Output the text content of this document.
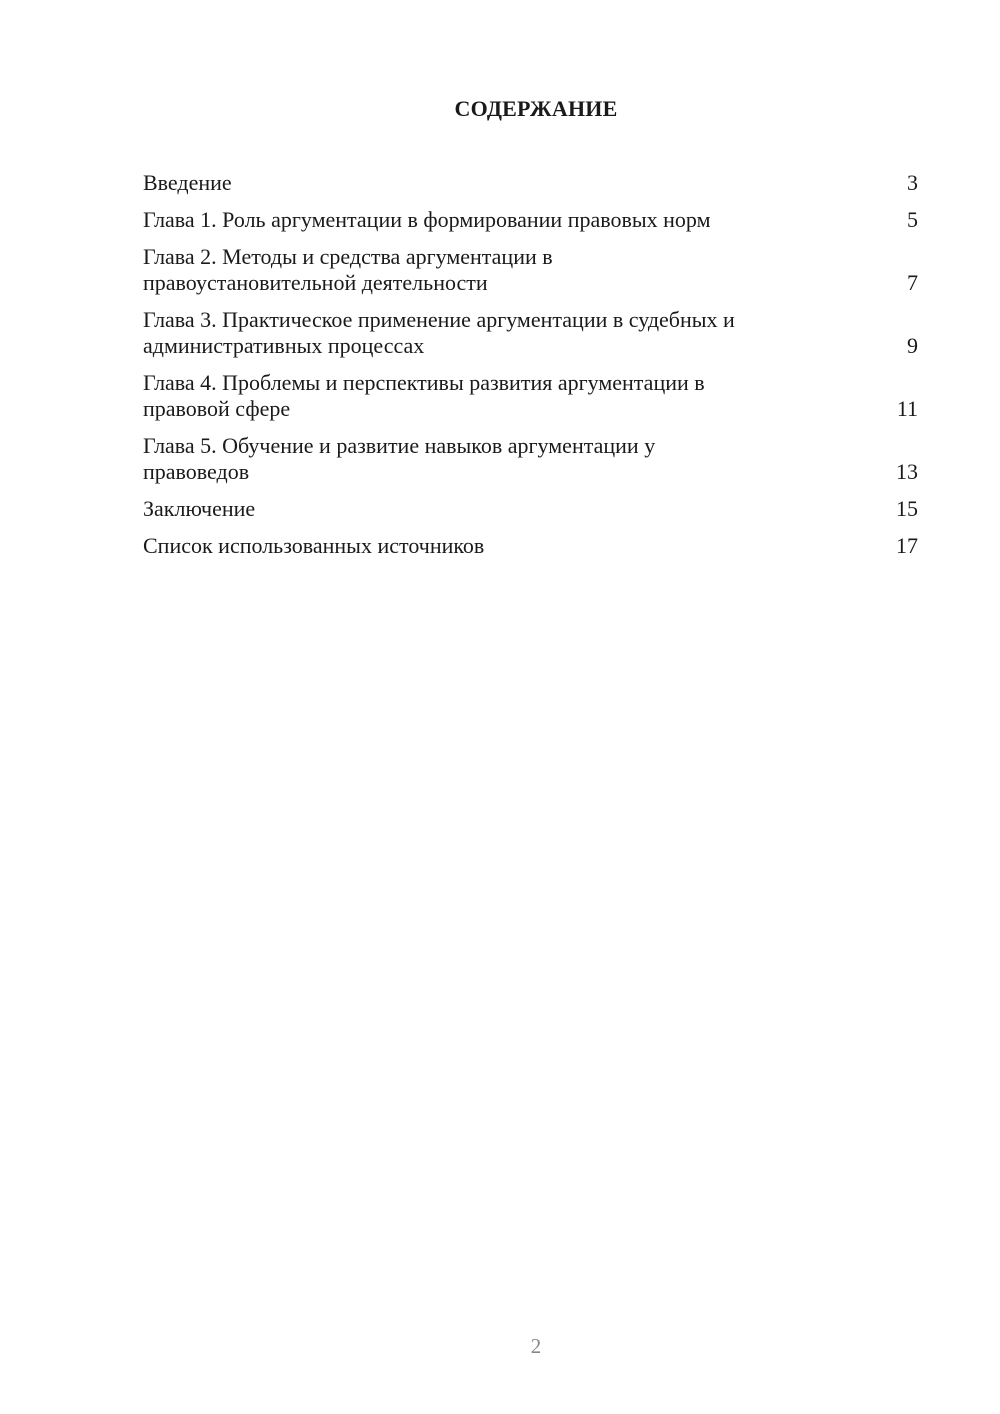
СОДЕРЖАНИЕ
Введение	3
Глава 1. Роль аргументации в формировании правовых норм	5
Глава 2. Методы и средства аргументации в
правоустановительной деятельности	7
Глава 3. Практическое применение аргументации в судебных и
административных процессах	9
Глава 4. Проблемы и перспективы развития аргументации в
правовой сфере	11
Глава 5. Обучение и развитие навыков аргументации у
правоведов	13
Заключение	15
Список использованных источников	17
2
